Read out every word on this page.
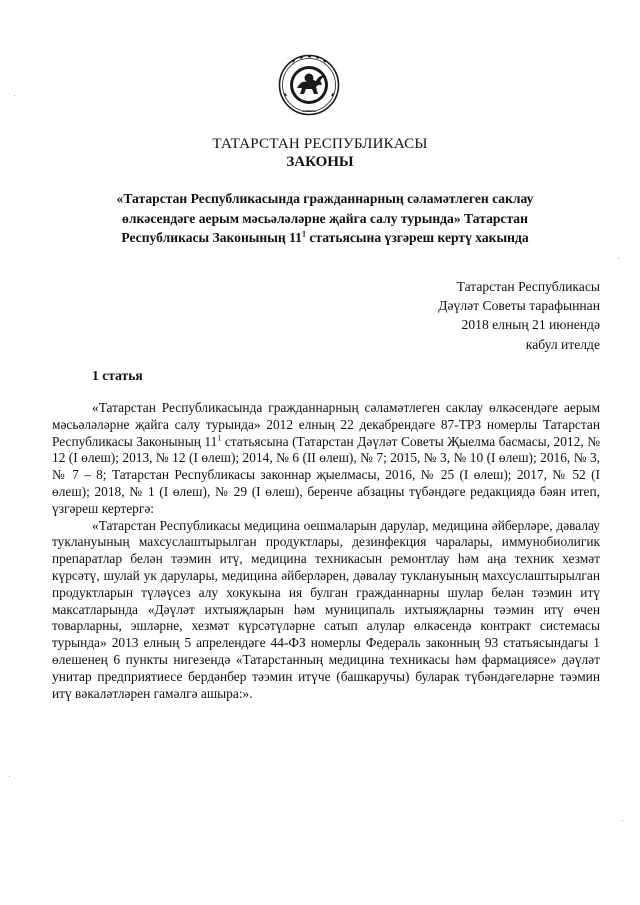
ТАТАРСТАН РЕСПУБЛИКАСЫ
ЗАКОНЫ
«Татарстан Республикасында гражданнарның сәламәтлеген саклау өлкәсендәге аерым мәсьәләләрне җайга салу турында» Татарстан Республикасы Законының $11^1$ статьясына үзгәреш кертү хакында
Татарстан Республикасы
Дәүләт Советы тарафыннан
2018 елның 21 июнендә
кабул ителде
1 статья

«Татарстан Республикасында гражданнарның сәламәтлеген саклау өлкәсендәге аерым мәсьәләләрне җайга салу турында» 2012 елның 22 декабрендәге 87-ТРЗ номерлы Татарстан Республикасы Законының $11^1$ статьясына (Татарстан Дәүләт Советы Җыелма басмасы, 2012, № 12 (I өлеш); 2013, № 12 (I өлеш); 2014, № 6 (II өлеш), № 7; 2015, № 3, № 10 (I өлеш); 2016, № 3, № 7 – 8; Татарстан Республикасы законнар җыелмасы, 2016, № 25 (I өлеш); 2017, № 52 (I өлеш); 2018, № 1 (I өлеш), № 29 (I өлеш), беренче абзацны түбәндәге редакциядә бәян итеп, үзгәреш кертергә:

«Татарстан Республикасы медицина оешмаларын дарулар, медицина әйберләре, дәвалау туклануының махсуслаштырылган продуктлары, дезинфекция чаралары, иммунобиолигик препаратлар белән тәэмин итү, медицина техникасын ремонтлау һәм аңа техник хезмәт күрсәтү, шулай ук дарулары, медицина әйберләрен, дәвалау туклануының махсуслаштырылган продуктларын түләүсез алу хокукына ия булган гражданнарны шулар белән тәэмин итү максатларында «Дәүләт ихтыяҗларын һәм муниципаль ихтыяҗларны тәэмин итү өчен товарларны, эшләрне, хезмәт күрсәтүләрне сатып алулар өлкәсендә контракт системасы турында» 2013 елның 5 апрелендәге 44-ФЗ номерлы Федераль законның 93 статьясындагы 1 өлешенең 6 пункты нигезендә «Татарстанның медицина техникасы һәм фармациясе» дәүләт унитар предприятиесе бердәнбер тәэмин итүче (башкаручы) буларак түбәндәгеләрне тәэмин итү вәкаләтләрен гамәлгә ашыра:».
